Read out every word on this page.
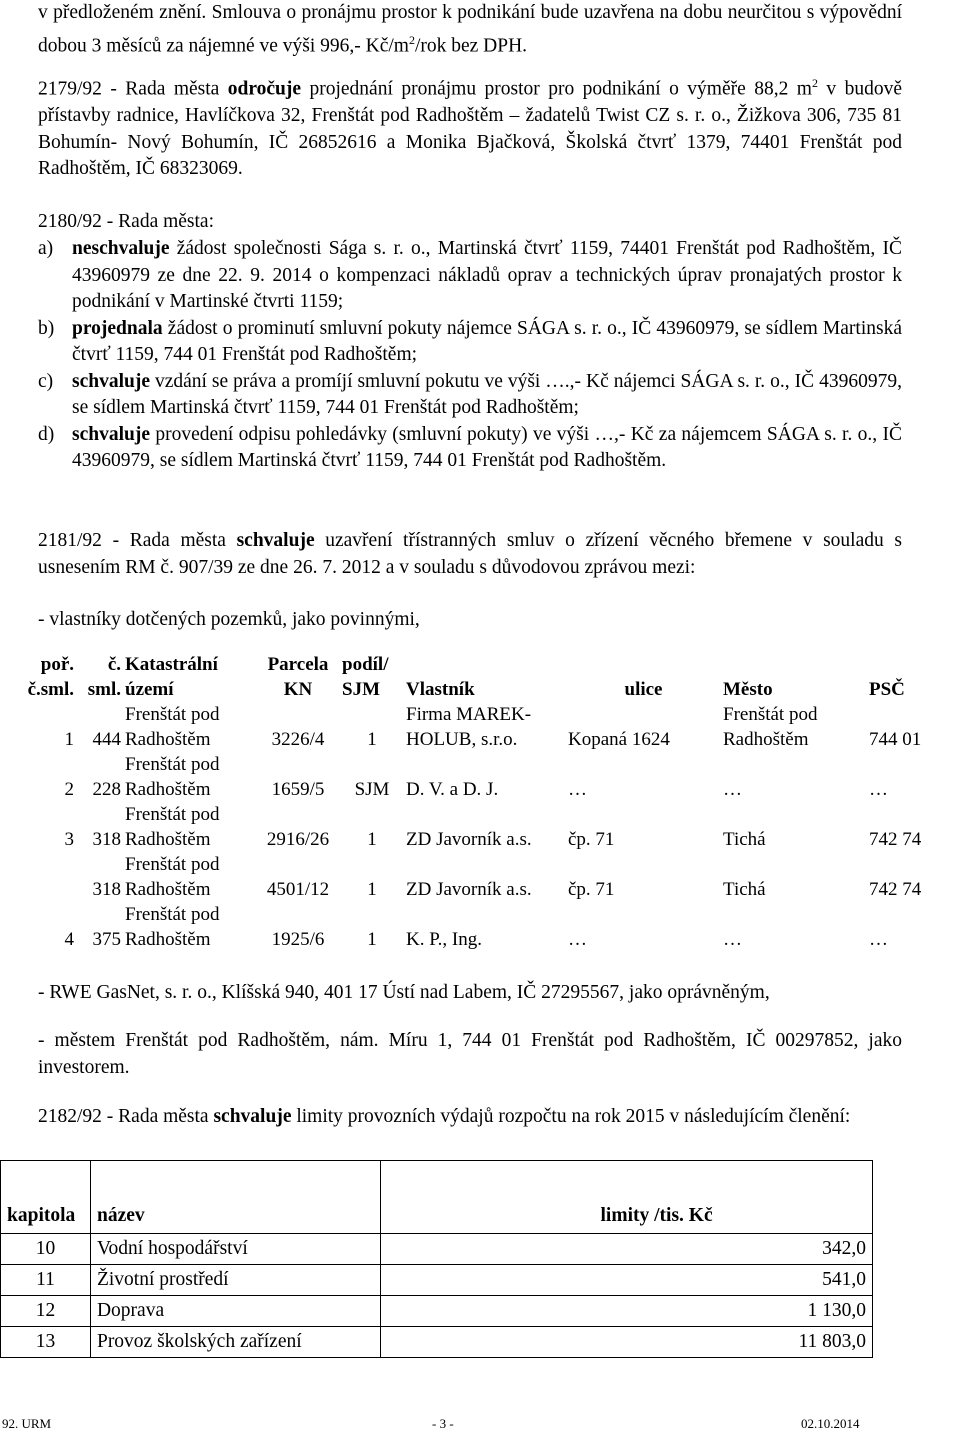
v předloženém znění. Smlouva o pronájmu prostor k podnikání bude uzavřena na dobu neurčitou s výpovědní dobou 3 měsíců za nájemné ve výši 996,- $Kč/m^2$/rok bez DPH.
2179/92 - Rada města odročuje projednání pronájmu prostor pro podnikání o výměře 88,2 $m^2$ v budově přístavby radnice, Havlíčkova 32, Frenštát pod Radhoštěm – žadatelů Twist CZ s. r. o., Žižkova 306, 735 81 Bohumín- Nový Bohumín, IČ 26852616 a Monika Bjačková, Školská čtvrť 1379, 74401 Frenštát pod Radhoštěm, IČ 68323069.
2180/92 - Rada města:
a) neschvaluje žádost společnosti Sága s. r. o., Martinská čtvrť 1159, 74401 Frenštát pod Radhoštěm, IČ 43960979 ze dne 22. 9. 2014 o kompenzaci nákladů oprav a technických úprav pronajatých prostor k podnikání v Martinské čtvrti 1159;
b) projednala žádost o prominutí smluvní pokuty nájemce SÁGA s. r. o., IČ 43960979, se sídlem Martinská čtvrť 1159, 744 01 Frenštát pod Radhoštěm;
c) schvaluje vzdání se práva a promíjí smluvní pokutu ve výši ….,- Kč nájemci SÁGA s. r. o., IČ 43960979, se sídlem Martinská čtvrť 1159, 744 01 Frenštát pod Radhoštěm;
d) schvaluje provedení odpisu pohledávky (smluvní pokuty) ve výši …,- Kč za nájemcem SÁGA s. r. o., IČ 43960979, se sídlem Martinská čtvrť 1159, 744 01 Frenštát pod Radhoštěm.
2181/92 - Rada města schvaluje uzavření třístranných smluv o zřízení věcného břemene v souladu s usnesením RM č. 907/39 ze dne 26. 7. 2012 a v souladu s důvodovou zprávou mezi:
- vlastníky dotčených pozemků, jako povinnými,
poř. č.sml.	č. sml.	Katastrální území	Parcela KN	podíl/ SJM	Vlastník	ulice	Město	PSČ
1	444	Frenštát pod Radhoštěm	3226/4	1	Firma MAREK-HOLUB, s.r.o.	Kopaná 1624	Frenštát pod Radhoštěm	744 01
2	228	Frenštát pod Radhoštěm	1659/5	SJM	D. V. a D. J.	…	…	…
3	318	Frenštát pod Radhoštěm	2916/26	1	ZD Javorník a.s.	čp. 71	Tichá	742 74
	318	Frenštát pod Radhoštěm	4501/12	1	ZD Javorník a.s.	čp. 71	Tichá	742 74
4	375	Frenštát pod Radhoštěm	1925/6	1	K. P., Ing.	…	…	…
- RWE GasNet, s. r. o., Klíšská 940, 401 17 Ústí nad Labem, IČ 27295567, jako oprávněným,
- městem Frenštát pod Radhoštěm, nám. Míru 1, 744 01 Frenštát pod Radhoštěm, IČ 00297852, jako investorem.
2182/92 - Rada města schvaluje limity provozních výdajů rozpočtu na rok 2015 v následujícím členění:
kapitola	název	limity /tis. Kč
10	Vodní hospodářství	342,0
11	Životní prostředí	541,0
12	Doprava	1 130,0
13	Provoz školských zařízení	11 803,0
92. URM	- 3 -	02.10.2014
